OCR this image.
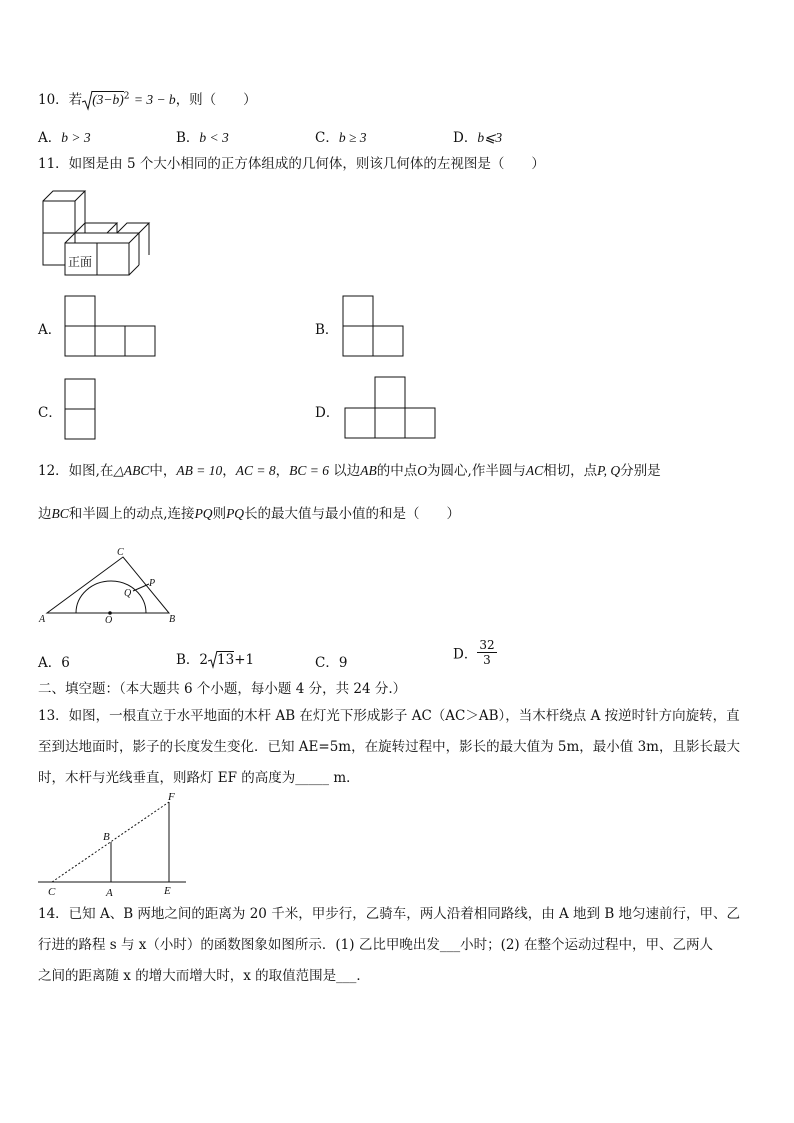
10．若 $(3-b)^2 = 3 - b$，则（　　）
A．b > 3	B．b < 3	C．b ≥ 3	D．b⩽3
11．如图是由 5 个大小相同的正方体组成的几何体，则该几何体的左视图是（　　）
正面
A．	B．
C．	D．
12．如图,在△ABC中，AB = 10，AC = 8，BC = 6 以边AB的中点O为圆心,作半圆与AC相切，点P, Q分别是
边BC和半圆上的动点,连接PQ则PQ长的最大值与最小值的和是（　　）
A	B
C
O
P
Q
A．6	B．2 13+1	C．9
D． $\frac{32}{3}$
二、填空题：（本大题共 6 个小题，每小题 4 分，共 24 分.）
13．如图，一根直立于水平地面的木杆 AB 在灯光下形成影子 AC（AC＞AB），当木杆绕点 A 按逆时针方向旋转，直
至到达地面时，影子的长度发生变化．已知 AE=5m，在旋转过程中，影长的最大值为 5m，最小值 3m，且影长最大
时，木杆与光线垂直，则路灯 EF 的高度为_____ m．
C	A
B
E
F
14．已知 A、B 两地之间的距离为 20 千米，甲步行，乙骑车，两人沿着相同路线，由 A 地到 B 地匀速前行，甲、乙
行进的路程 s 与 x（小时）的函数图象如图所示．(1) 乙比甲晚出发___小时；(2) 在整个运动过程中，甲、乙两人
之间的距离随 x 的增大而增大时，x 的取值范围是___．
